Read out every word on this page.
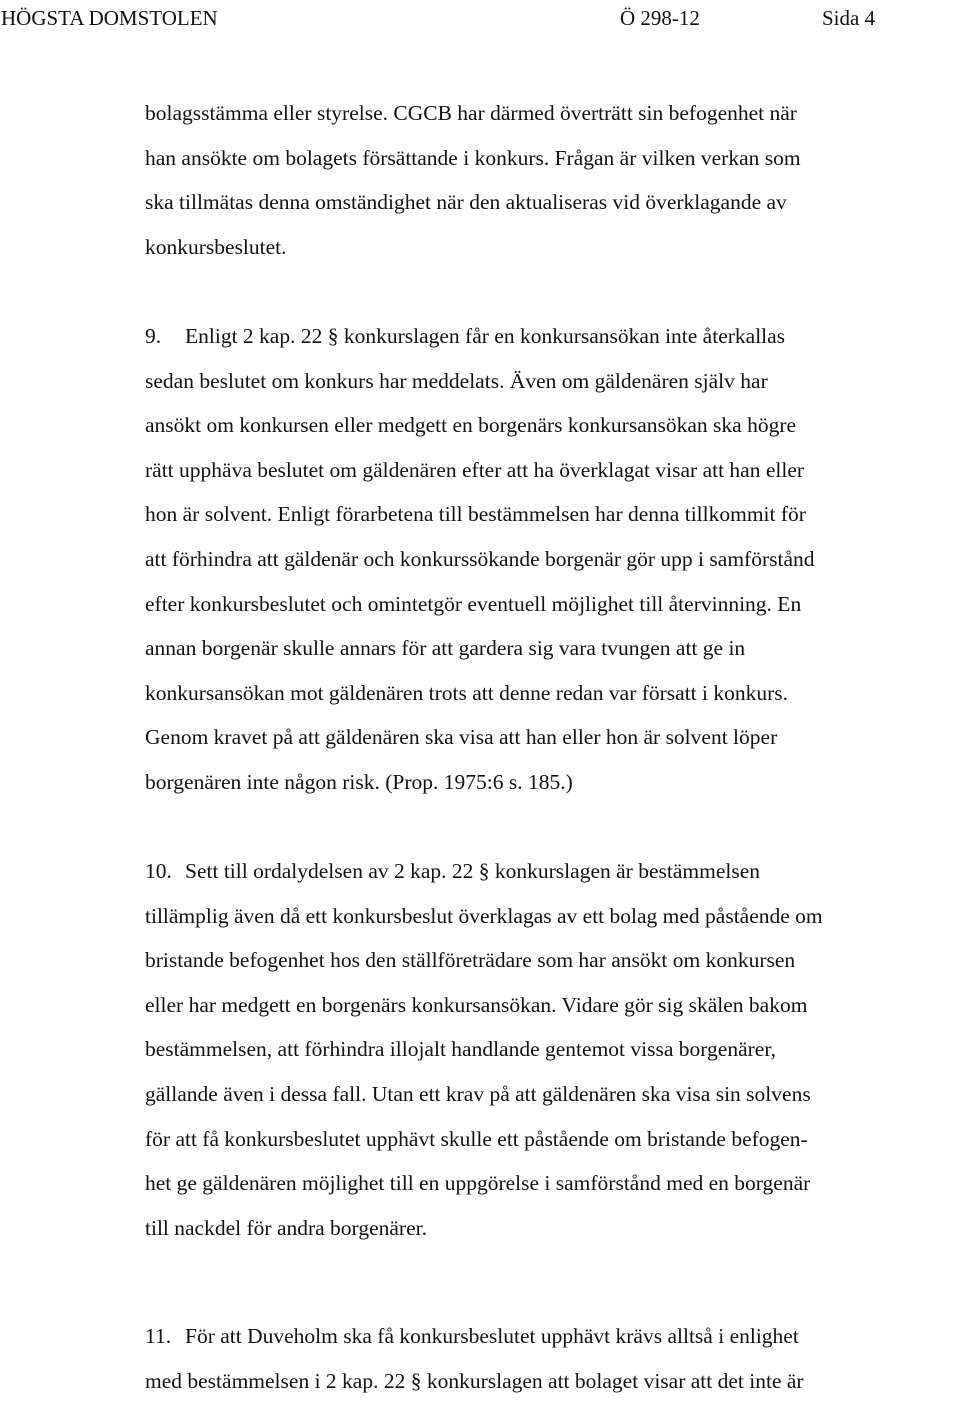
HÖGSTA DOMSTOLEN	Ö 298-12	Sida 4
bolagsstämma eller styrelse. CGCB har därmed överträtt sin befogenhet när
han ansökte om bolagets försättande i konkurs. Frågan är vilken verkan som
ska tillmätas denna omständighet när den aktualiseras vid överklagande av
konkursbeslutet.
9. Enligt 2 kap. 22 § konkurslagen får en konkursansökan inte återkallas
sedan beslutet om konkurs har meddelats. Även om gäldenären själv har
ansökt om konkursen eller medgett en borgenärs konkursansökan ska högre
rätt upphäva beslutet om gäldenären efter att ha överklagat visar att han eller
hon är solvent. Enligt förarbetena till bestämmelsen har denna tillkommit för
att förhindra att gäldenär och konkurssökande borgenär gör upp i samförstånd
efter konkursbeslutet och omintetgör eventuell möjlighet till återvinning. En
annan borgenär skulle annars för att gardera sig vara tvungen att ge in
konkursansökan mot gäldenären trots att denne redan var försatt i konkurs.
Genom kravet på att gäldenären ska visa att han eller hon är solvent löper
borgenären inte någon risk. (Prop. 1975:6 s. 185.)
10. Sett till ordalydelsen av 2 kap. 22 § konkurslagen är bestämmelsen
tillämplig även då ett konkursbeslut överklagas av ett bolag med påstående om
bristande befogenhet hos den ställföreträdare som har ansökt om konkursen
eller har medgett en borgenärs konkursansökan. Vidare gör sig skälen bakom
bestämmelsen, att förhindra illojalt handlande gentemot vissa borgenärer,
gällande även i dessa fall. Utan ett krav på att gäldenären ska visa sin solvens
för att få konkursbeslutet upphävt skulle ett påstående om bristande befogen-
het ge gäldenären möjlighet till en uppgörelse i samförstånd med en borgenär
till nackdel för andra borgenärer.
11. För att Duveholm ska få konkursbeslutet upphävt krävs alltså i enlighet
med bestämmelsen i 2 kap. 22 § konkurslagen att bolaget visar att det inte är
